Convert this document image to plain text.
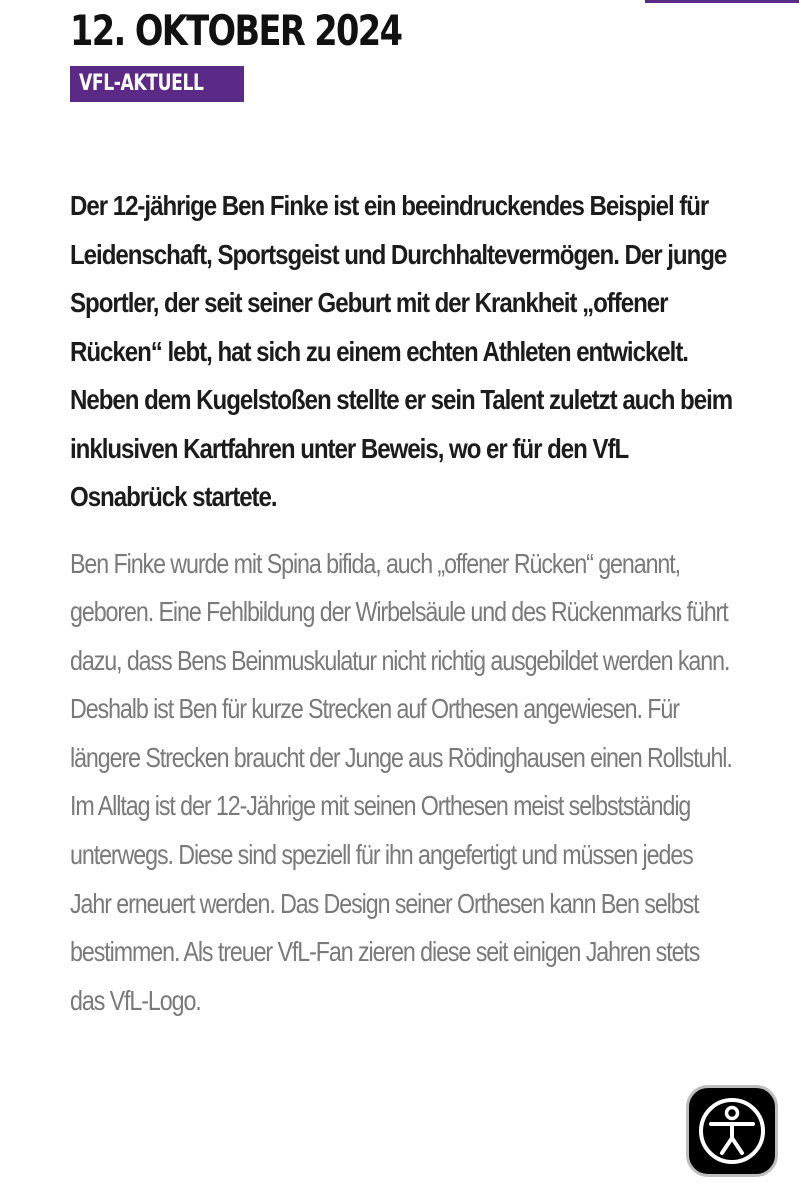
12. OKTOBER 2024
VFL-AKTUELL

Der 12-jährige Ben Finke ist ein beeindruckendes Beispiel für Leidenschaft, Sportsgeist und Durchhaltevermögen. Der junge Sportler, der seit seiner Geburt mit der Krankheit „offener Rücken“ lebt, hat sich zu einem echten Athleten entwickelt. Neben dem Kugelstoßen stellte er sein Talent zuletzt auch beim inklusiven Kartfahren unter Beweis, wo er für den VfL Osnabrück startete.

Ben Finke wurde mit Spina bifida, auch „offener Rücken“ genannt, geboren. Eine Fehlbildung der Wirbelsäule und des Rückenmarks führt dazu, dass Bens Beinmuskulatur nicht richtig ausgebildet werden kann. Deshalb ist Ben für kurze Strecken auf Orthesen angewiesen. Für längere Strecken braucht der Junge aus Rödinghausen einen Rollstuhl. Im Alltag ist der 12-Jährige mit seinen Orthesen meist selbstständig unterwegs. Diese sind speziell für ihn angefertigt und müssen jedes Jahr erneuert werden. Das Design seiner Orthesen kann Ben selbst bestimmen. Als treuer VfL-Fan zieren diese seit einigen Jahren stets das VfL-Logo.
